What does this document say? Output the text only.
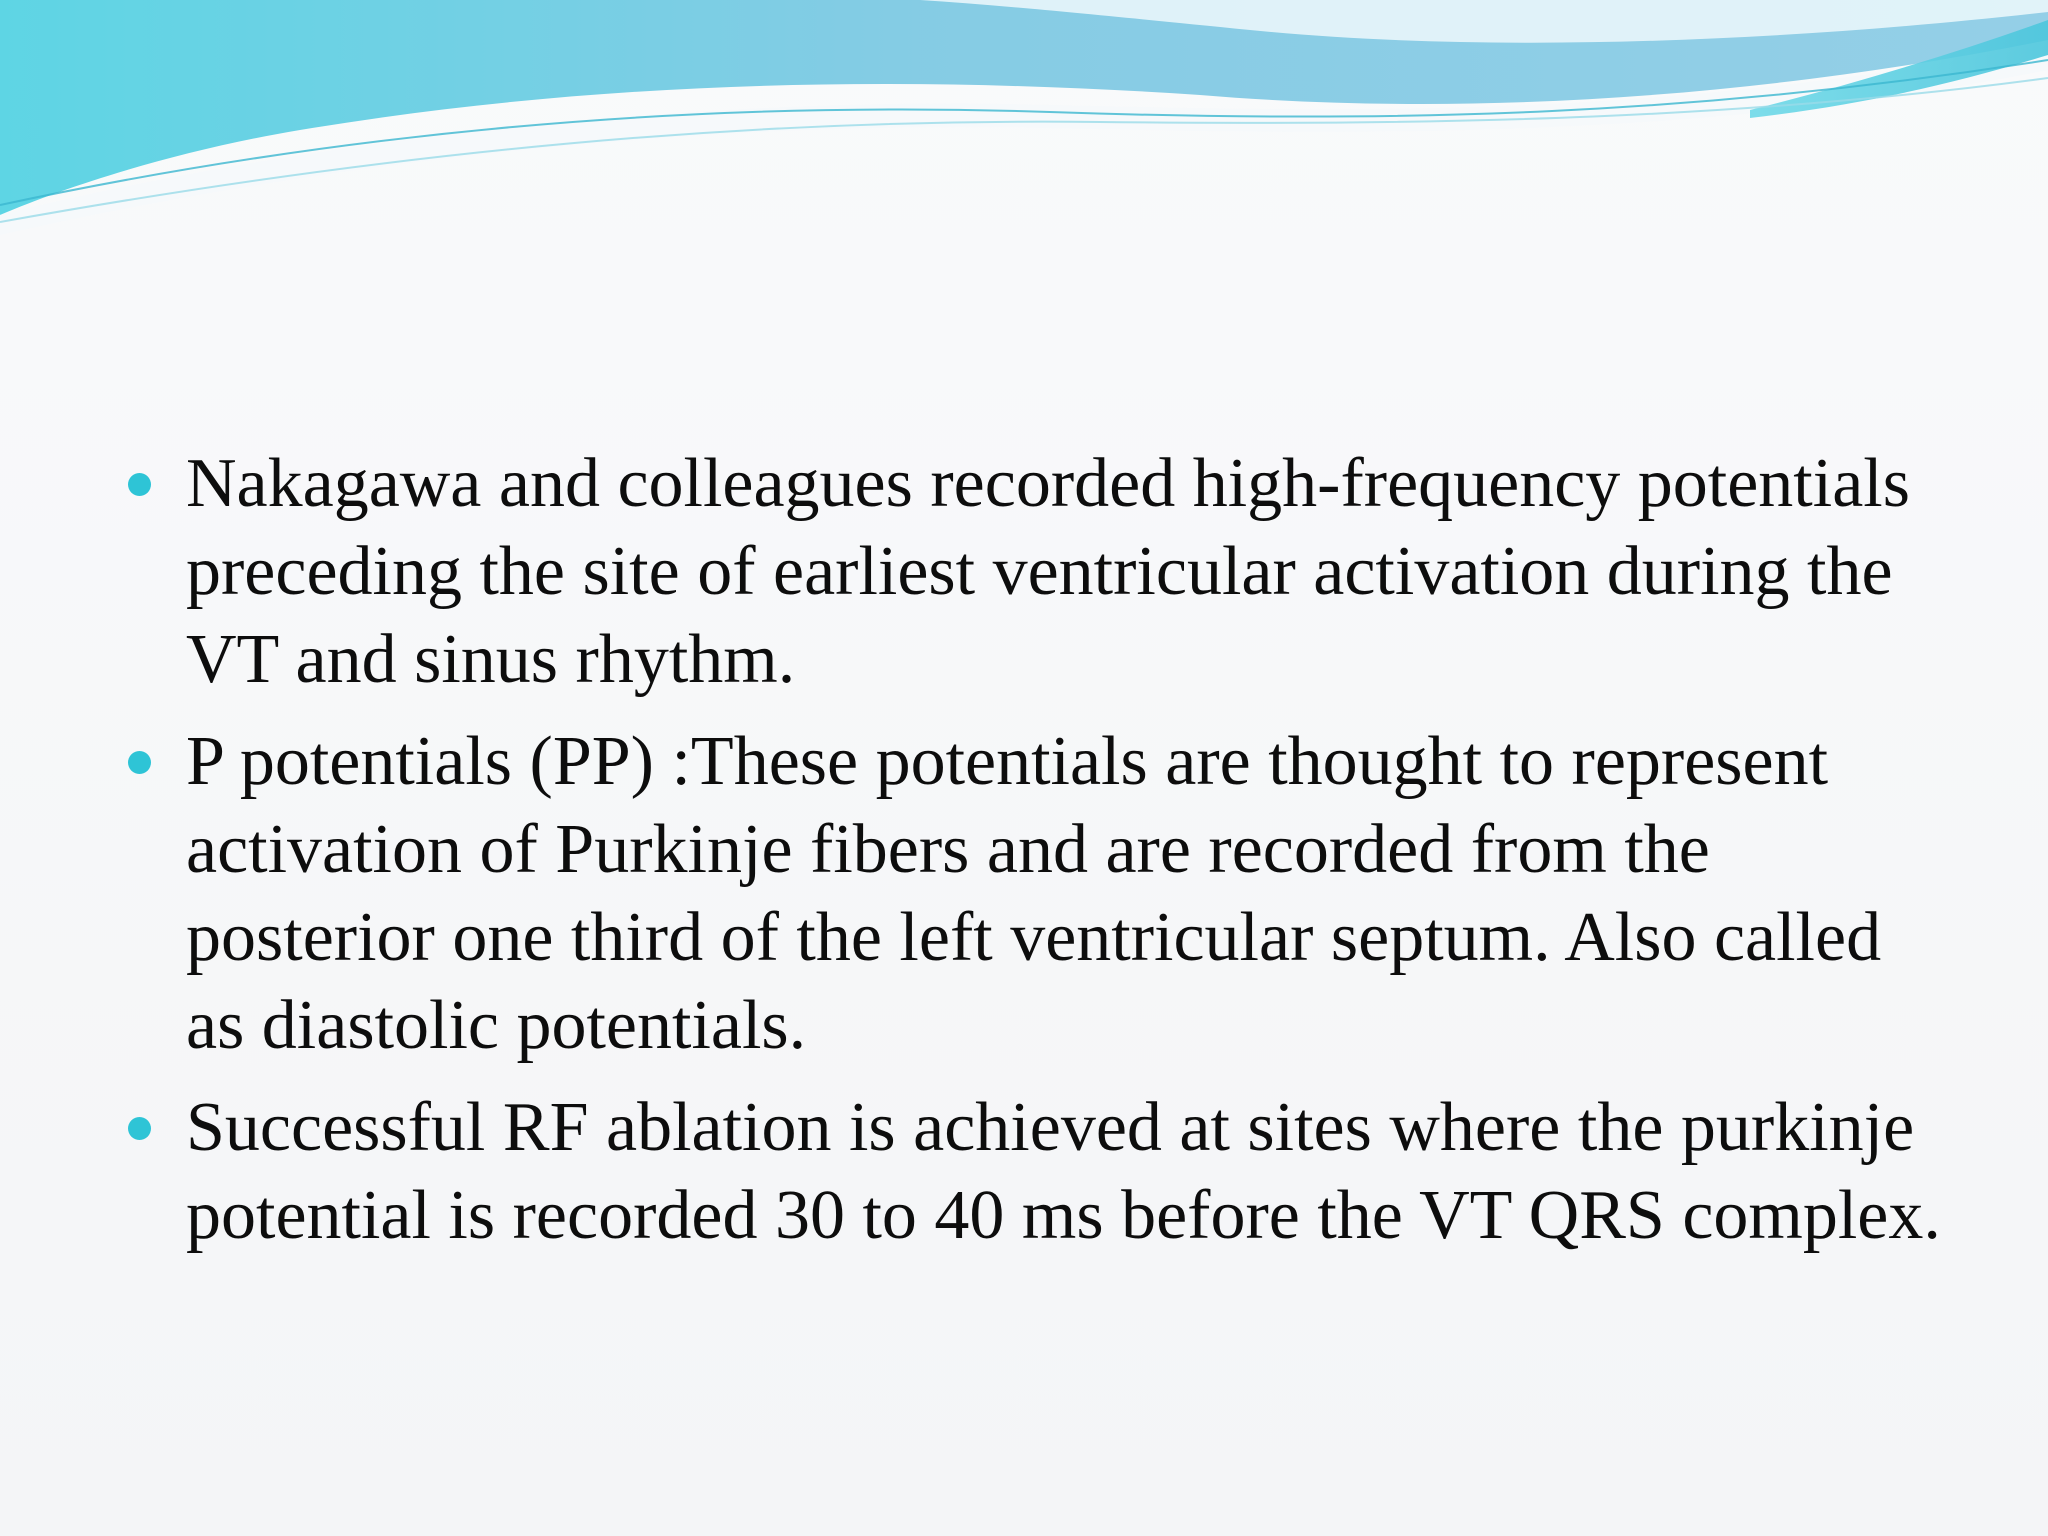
Nakagawa and colleagues recorded high-frequency potentials preceding the site of earliest ventricular activation during the VT and sinus rhythm.
P potentials (PP) :These potentials are thought to represent activation of Purkinje fibers and are recorded from the posterior one third of the left ventricular septum. Also called as diastolic potentials.
Successful RF ablation is achieved at sites where the purkinje potential is recorded 30 to 40 ms before the VT QRS complex.
